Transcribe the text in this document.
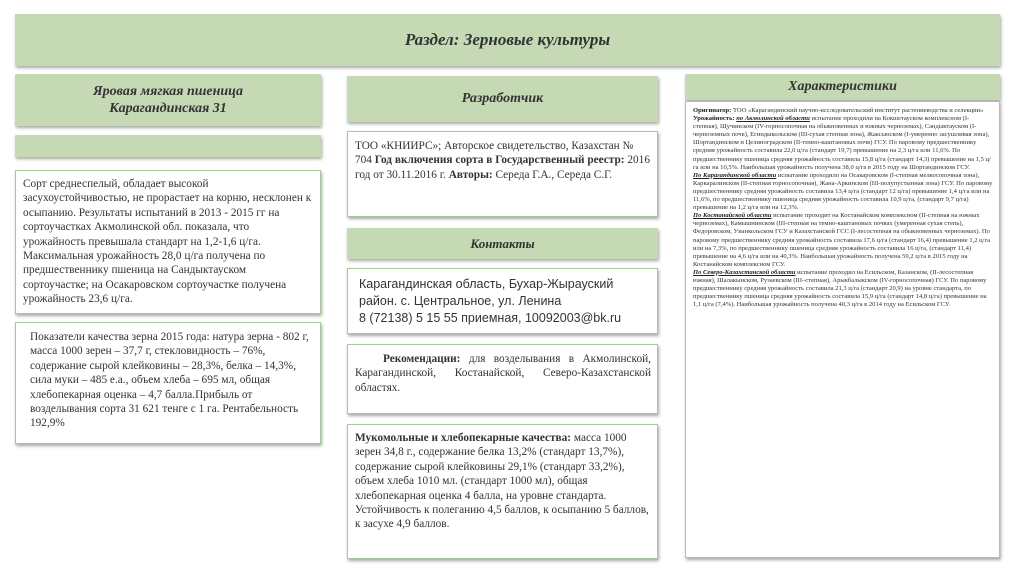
Раздел: Зерновые культуры
Яровая мягкая пшеница
Карагандинская 31
Сорт среднеспелый, обладает высокой засухоустойчивостью, не прорастает на корню, несклонен к осыпанию. Результаты испытаний в 2013 - 2015 гг на сортоучастках Акмолинской обл. показала, что урожайность превышала стандарт на 1,2-1,6 ц/га. Максимальная урожайность 28,0 ц/га получена по предшественнику пшеница на Сандыктауском сортоучастке; на Осакаровском сортоучастке получена урожайность 23,6 ц/га.
Показатели качества зерна 2015 года: натура зерна - 802 г, масса 1000 зерен – 37,7 г, стекловидность – 76%, содержание сырой клейковины – 28,3%, белка – 14,3%, сила муки – 485 е.а., объем хлеба – 695 мл, общая хлебопекарная оценка – 4,7 балла.Прибыль от возделывания сорта 31 621 тенге с 1 га. Рентабельность 192,9%
Разработчик
ТОО «КНИИРС»; Авторское свидетельство, Казахстан № 704 Год включения сорта в Государственный реестр: 2016 год от 30.11.2016 г. Авторы: Середа Г.А., Середа С.Г.
Контакты
Карагандинская область, Бухар-Жырауский
район. с. Центральное, ул. Ленина
8 (72138) 5 15 55 приемная, 10092003@bk.ru
Рекомендации: для возделывания в Акмолинской, Карагандинской, Костанайской, Северо-Казахстанской областях.
Мукомольные и хлебопекарные качества: масса 1000 зерен 34,8 г., содержание белка 13,2% (стандарт 13,7%), содержание сырой клейковины 29,1% (стандарт 33,2%), объем хлеба 1010 мл. (стандарт 1000 мл), общая хлебопекарная оценка 4 балла, на уровне стандарта.
Устойчивость к полеганию 4,5 баллов, к осыпанию 5 баллов, к засухе 4,9 баллов.
Характеристики
Оригинатор: ТОО «Карагандинский научно-исследовательский институт растениеводства и селекции»
Урожайность: по Акмолинской области испытание проходили на Кокшетауском комплексном (I-степная), Щучинском (IV-горносопочная на обыкновенных и южных черноземах), Сандыктауском (I-черноземных почв), Егиндыкольском (III-сухая степная зона), Жаксынском (I-умеренно засушливая зона), Шортандинском и Целиноградском (II-темно-каштановых почв) ГСУ. По паровому предшественнику средняя урожайность составила 22,0 ц/га (стандарт 19,7) превышение на 2,3 ц/га или 11,6%. По предшественнику пшеница средняя урожайность составила 15,8 ц/га (стандарт 14,3) превышение на 1,5 ц/га или на 10,5%. Наибольшая урожайность получена 38,0 ц/га в 2015 году на Шортандинском ГСУ.
По Карагандинской области испытание проходило на Осакаровском (I-степная мелкосопочная зона), Каркаралинском (II-степная горносопочная), Жана-Аркинском (III-полупустынная зона) ГСУ. По паровому предшественнику средняя урожайность составила 13,4 ц/га (стандарт 12 ц/га) превышение 1,4 ц/га или на 11,6%, по предшественнику пшеница средняя урожайность составила 10,9 ц/га, (стандарт 9,7 ц/га) превышение на 1,2 ц/га или на 12,3%.
По Костанайской области испытание проходит на Костанайском комплексном (II-степная на южных черноземах), Камышнинском (III-степная на темно-каштановых почвах (умеренная сухая степь), Федоровском, Узынкольском ГСУ и Казахстанской ГСС (I-лесостепная на обыкновенных черноземах). По паровому предшественнику средняя урожайность составила 17,6 ц/га (стандарт 16,4) превышение 1,2 ц/га или на 7,3%, по предшественнику пшеница средняя урожайность составила 16 ц/га, (стандарт 11,4) превышение на 4,6 ц/га или на 40,3%. Наибольшая урожайность получена 59,2 ц/га в 2015 году на Костанайском комплексном ГСУ.
По Северо-Казахстанской области испытание проходил на Есильском, Казанском, (II-лесостепная южная), Шалакынском, Рузаевском (III–степная), Арыкбалыкском (IV-горносопочная) ГСУ. По паровому предшественнику средняя урожайность составила 21,3 ц/га (стандарт 20,9) на уровне стандарта, по предшественнику пшеница средняя урожайность составила 15,9 ц/га (стандарт 14,8 ц/га) превышение на 1,1 ц/га (7,4%). Наибольшая урожайность получена 40,3 ц/га в 2014 году на Есильском ГСУ.
